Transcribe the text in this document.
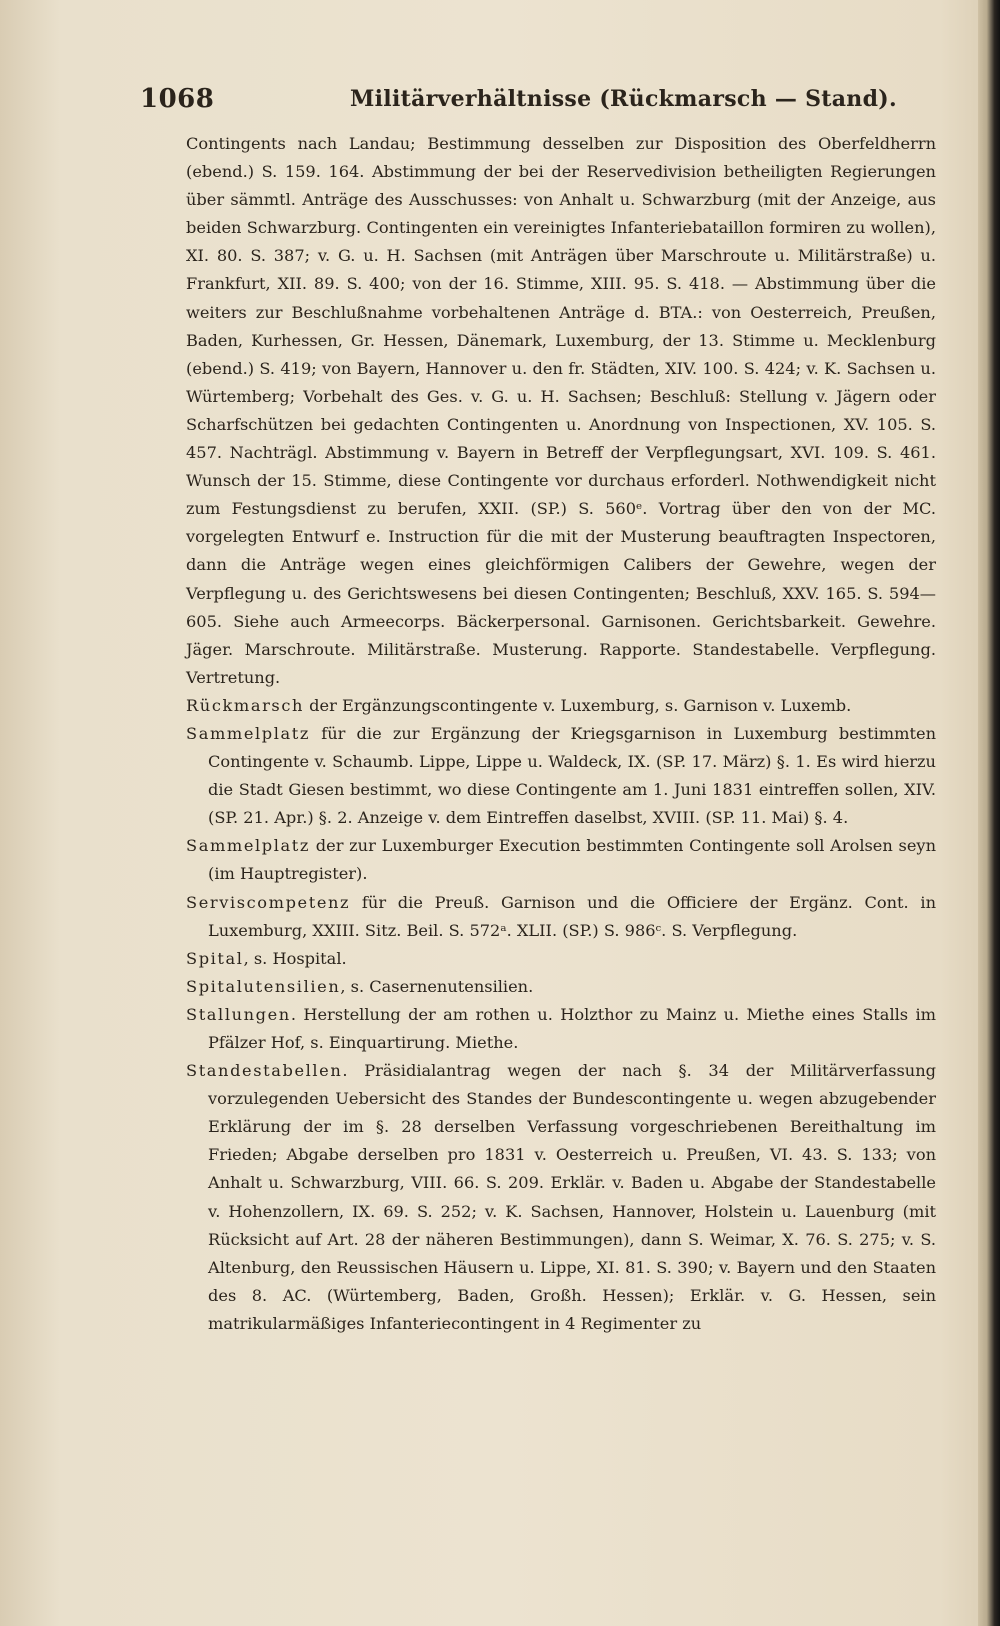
1068	Militärverhältnisse (Rückmarsch — Stand).

Contingents nach Landau; Bestimmung desselben zur Disposition des Oberfeldherrn (ebend.) S. 159. 164. Abstimmung der bei der Reservedivision betheiligten Regierungen über sämmtl. Anträge des Ausschusses: von Anhalt u. Schwarzburg (mit der Anzeige, aus beiden Schwarzburg. Contingenten ein vereinigtes Infanteriebataillon formiren zu wollen), XI. 80. S. 387; v. G. u. H. Sachsen (mit Anträgen über Marschroute u. Militärstraße) u. Frankfurt, XII. 89. S. 400; von der 16. Stimme, XIII. 95. S. 418. — Abstimmung über die weiters zur Beschlußnahme vorbehaltenen Anträge d. BTA.: von Oesterreich, Preußen, Baden, Kurhessen, Gr. Hessen, Dänemark, Luxemburg, der 13. Stimme u. Mecklenburg (ebend.) S. 419; von Bayern, Hannover u. den fr. Städten, XIV. 100. S. 424; v. K. Sachsen u. Würtemberg; Vorbehalt des Ges. v. G. u. H. Sachsen; Beschluß: Stellung v. Jägern oder Scharfschützen bei gedachten Contingenten u. Anordnung von Inspectionen, XV. 105. S. 457. Nachträgl. Abstimmung v. Bayern in Betreff der Verpflegungsart, XVI. 109. S. 461. Wunsch der 15. Stimme, diese Contingente vor durchaus erforderl. Nothwendigkeit nicht zum Festungsdienst zu berufen, XXII. (SP.) S. 560ᵉ. Vortrag über den von der MC. vorgelegten Entwurf e. Instruction für die mit der Musterung beauftragten Inspectoren, dann die Anträge wegen eines gleichförmigen Calibers der Gewehre, wegen der Verpflegung u. des Gerichtswesens bei diesen Contingenten; Beschluß, XXV. 165. S. 594—605. Siehe auch Armeecorps. Bäckerpersonal. Garnisonen. Gerichtsbarkeit. Gewehre. Jäger. Marschroute. Militärstraße. Musterung. Rapporte. Standestabelle. Verpflegung. Vertretung.

Rückmarsch der Ergänzungscontingente v. Luxemburg, s. Garnison v. Luxemb.

Sammelplatz für die zur Ergänzung der Kriegsgarnison in Luxemburg bestimmten Contingente v. Schaumb. Lippe, Lippe u. Waldeck, IX. (SP. 17. März) §. 1. Es wird hierzu die Stadt Giesen bestimmt, wo diese Contingente am 1. Juni 1831 eintreffen sollen, XIV. (SP. 21. Apr.) §. 2. Anzeige v. dem Eintreffen daselbst, XVIII. (SP. 11. Mai) §. 4.

Sammelplatz der zur Luxemburger Execution bestimmten Contingente soll Arolsen seyn (im Hauptregister).

Serviscompetenz für die Preuß. Garnison und die Officiere der Ergänz. Cont. in Luxemburg, XXIII. Sitz. Beil. S. 572ᵃ. XLII. (SP.) S. 986ᶜ. S. Verpflegung.

Spital, s. Hospital.

Spitalutensilien, s. Casernenutensilien.

Stallungen. Herstellung der am rothen u. Holzthor zu Mainz u. Miethe eines Stalls im Pfälzer Hof, s. Einquartirung. Miethe.

Standestabellen. Präsidialantrag wegen der nach §. 34 der Militärverfassung vorzulegenden Uebersicht des Standes der Bundescontingente u. wegen abzugebender Erklärung der im §. 28 derselben Verfassung vorgeschriebenen Bereithaltung im Frieden; Abgabe derselben pro 1831 v. Oesterreich u. Preußen, VI. 43. S. 133; von Anhalt u. Schwarzburg, VIII. 66. S. 209. Erklär. v. Baden u. Abgabe der Standestabelle v. Hohenzollern, IX. 69. S. 252; v. K. Sachsen, Hannover, Holstein u. Lauenburg (mit Rücksicht auf Art. 28 der näheren Bestimmungen), dann S. Weimar, X. 76. S. 275; v. S. Altenburg, den Reussischen Häusern u. Lippe, XI. 81. S. 390; v. Bayern und den Staaten des 8. AC. (Würtemberg, Baden, Großh. Hessen); Erklär. v. G. Hessen, sein matrikularmäßiges Infanteriecontingent in 4 Regimenter zu
